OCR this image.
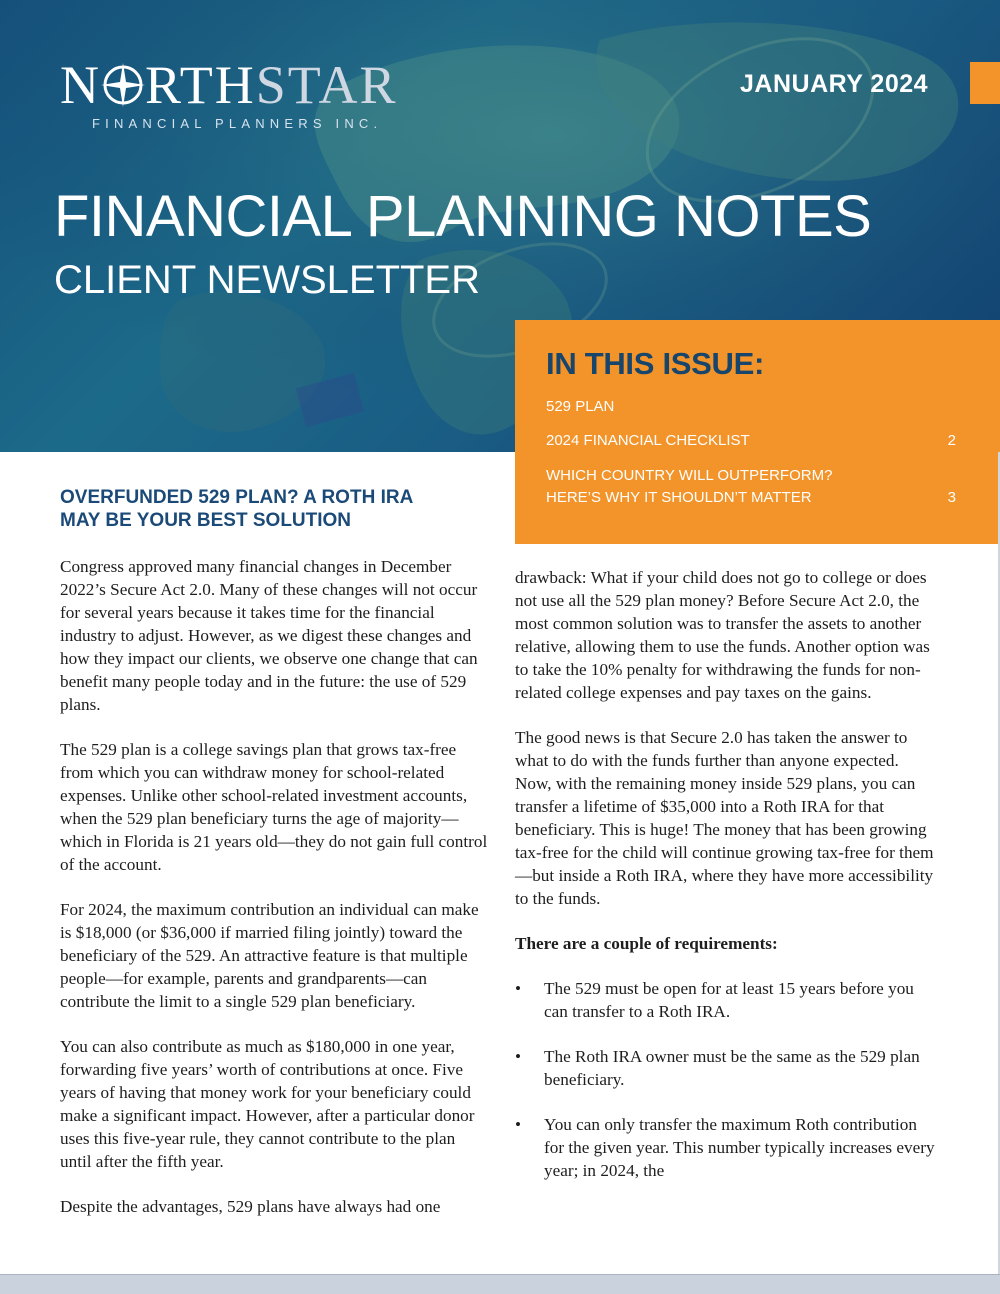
N RTHSTAR
FINANCIAL PLANNERS INC.
JANUARY 2024
FINANCIAL PLANNING NOTES
CLIENT NEWSLETTER
IN THIS ISSUE:
529 PLAN
2024 FINANCIAL CHECKLIST	2
WHICH COUNTRY WILL OUTPERFORM?
HERE’S WHY IT SHOULDN’T MATTER	3
OVERFUNDED 529 PLAN? A ROTH IRA
MAY BE YOUR BEST SOLUTION

Congress approved many financial changes in December 2022’s Secure Act 2.0. Many of these changes will not occur for several years because it takes time for the financial industry to adjust. However, as we digest these changes and how they impact our clients, we observe one change that can benefit many people today and in the future: the use of 529 plans.

The 529 plan is a college savings plan that grows tax-free from which you can withdraw money for school-related expenses. Unlike other school-related investment accounts, when the 529 plan beneficiary turns the age of majority—which in Florida is 21 years old—they do not gain full control of the account.

For 2024, the maximum contribution an individual can make is $18,000 (or $36,000 if married filing jointly) toward the beneficiary of the 529. An attractive feature is that multiple people—for example, parents and grandparents—can contribute the limit to a single 529 plan beneficiary.

You can also contribute as much as $180,000 in one year, forwarding five years’ worth of contributions at once. Five years of having that money work for your beneficiary could make a significant impact. However, after a particular donor uses this five-year rule, they cannot contribute to the plan until after the fifth year.

Despite the advantages, 529 plans have always had one

drawback: What if your child does not go to college or does not use all the 529 plan money? Before Secure Act 2.0, the most common solution was to transfer the assets to another relative, allowing them to use the funds. Another option was to take the 10% penalty for withdrawing the funds for non-related college expenses and pay taxes on the gains.

The good news is that Secure 2.0 has taken the answer to what to do with the funds further than anyone expected. Now, with the remaining money inside 529 plans, you can transfer a lifetime of $35,000 into a Roth IRA for that beneficiary. This is huge! The money that has been growing tax-free for the child will continue growing tax-free for them—but inside a Roth IRA, where they have more accessibility to the funds.

There are a couple of requirements:

• The 529 must be open for at least 15 years before you can transfer to a Roth IRA.
• The Roth IRA owner must be the same as the 529 plan beneficiary.
• You can only transfer the maximum Roth contribution for the given year. This number typically increases every year; in 2024, the
